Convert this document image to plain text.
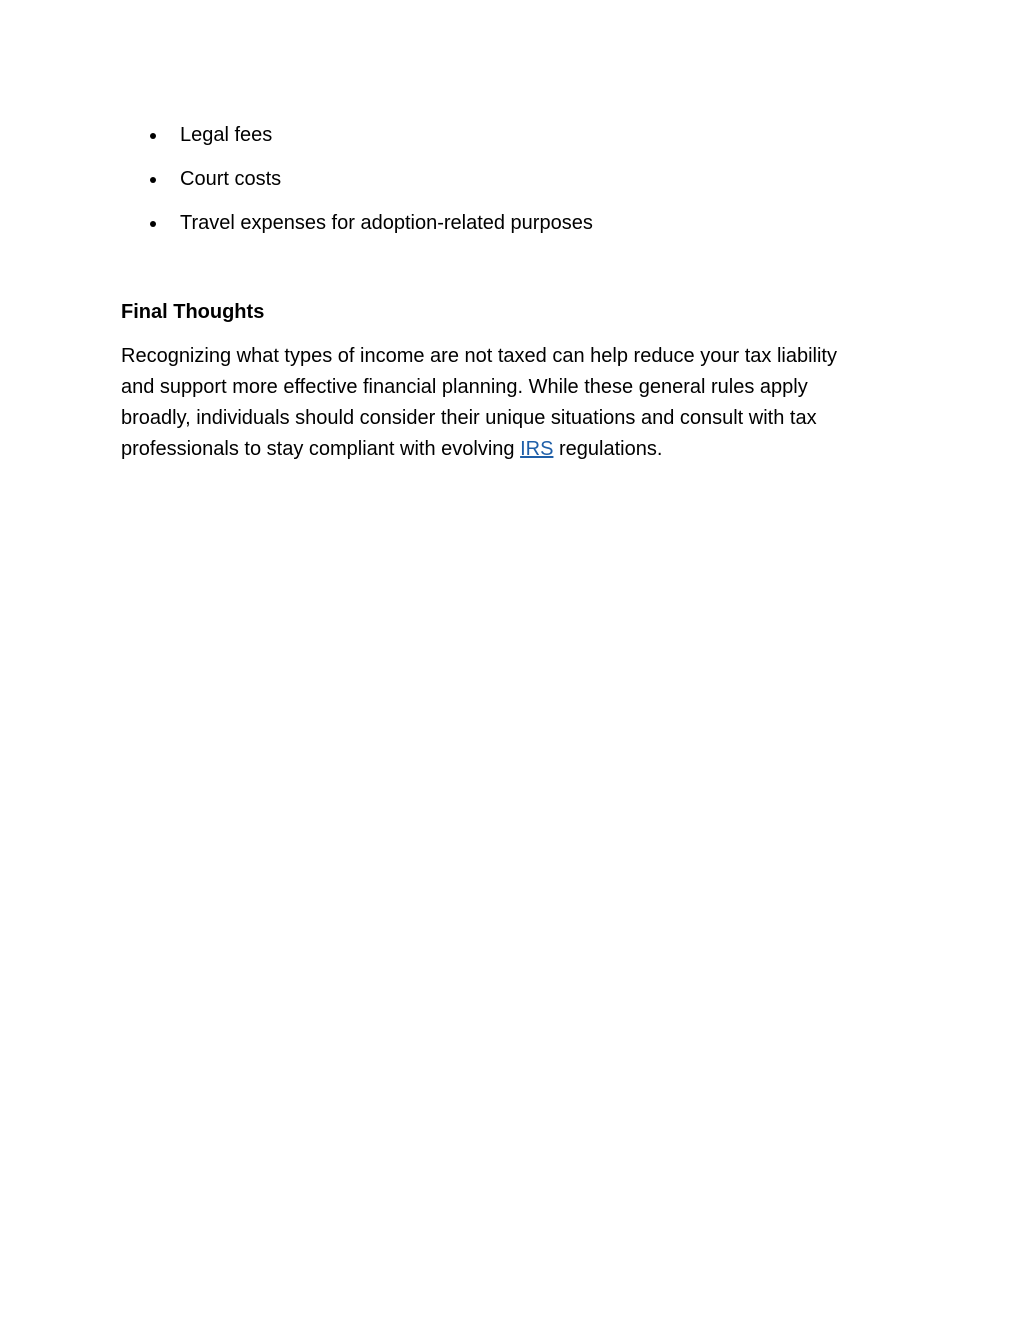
Legal fees
Court costs
Travel expenses for adoption-related purposes
Final Thoughts

Recognizing what types of income are not taxed can help reduce your tax liability
and support more effective financial planning. While these general rules apply
broadly, individuals should consider their unique situations and consult with tax
professionals to stay compliant with evolving IRS regulations.
